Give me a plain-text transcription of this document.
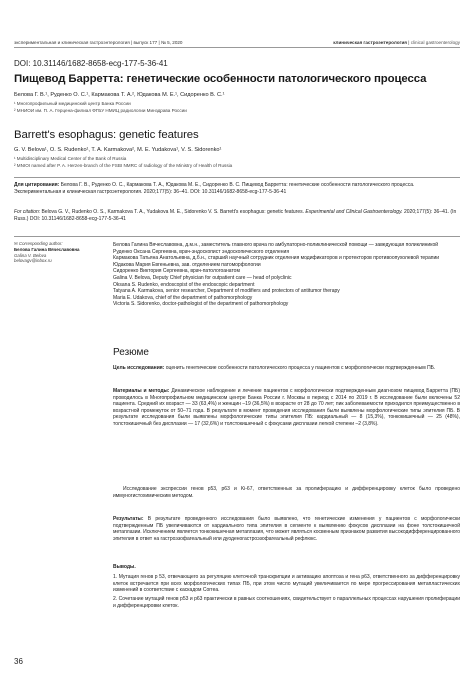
экспериментальная и клиническая гастроэнтерология | выпуск 177 | № 5, 2020	клиническая гастроэнтерология | clinical gastroenterology
DOI: 10.31146/1682-8658-ecg-177-5-36-41
Пищевод Барретта: генетические особенности патологического процесса
Белова Г. В.¹, Руденко О. С.¹, Кармакова Т. А.², Юдакова М. Е.¹, Сидоренко В. С.¹
¹ Многопрофильный медицинский центр Банка России
² МНИОИ им. П. А. Герцена-филиал ФГБУ НМИЦ радиологии Минздрава России
Barrett's esophagus: genetic features
G. V. Belova¹, O. S. Rudenko¹, T. A. Karmakova², M. E. Yudakova¹, V. S. Sidorenko¹
¹ Multidisciplinary Medical Center of the Bank of Russia
² MNIOI named after P. A. Herzen-branch of the FSBI NMRC of radiology of the Ministry of Health of Russia
Для цитирования: Белова Г. В., Руденко О. С., Кармакова Т. А., Юдакова М. Е., Сидоренко В. С. Пищевод Барретта: генетические особенности патологического процесса. Экспериментальная и клиническая гастроэнтерология. 2020;177(5): 36–41. DOI: 10.31146/1682-8658-ecg-177-5-36-41
For citation: Belova G. V., Rudenko O. S., Karmakova T. A., Yudakova M. E., Sidorenko V. S. Barrett's esophagus: genetic features. Experimental and Clinical Gastroenterology. 2020;177(5): 36–41. (In Russ.) DOI: 10.31146/1682-8658-ecg-177-5-36-41
✉ Corresponding author:
Белова Галина Вячеславовна
Galina V. Belova
belovagv@inbox.ru
Белова Галина Вячеславовна, д.м.н., заместитель главного врача по амбулаторно-поликлинической помощи — заведующая поликлиникой
Руденко Оксана Сергеевна, врач-эндоскопист эндоскопического отделения
Кармакова Татьяна Анатольевна, д.б.н., старший научный сотрудник отделения модификаторов и протекторов противоопухолевой терапии
Юдакова Мария Евгеньевна, зав. отделением патоморфологии
Сидоренко Виктория Сергеевна, врач-патологоанатом
Galina V. Belova, Deputy Chief physician for outpatient care — head of polyclinic
Oksana S. Rudenko, endoscopist of the endoscopic department
Tatyana A. Karmakova, senior researcher, Department of modifiers and protectors of antitumor therapy
Maria E. Udakova, chief of the department of pathomorphology
Victoria S. Sidorenko, doctor-pathologist of the department of pathomorphology
Резюме
Цель исследования: оценить генетические особенности патологического процесса у пациентов с морфологически подтвержденным ПБ.
Материалы и методы: Динамическое наблюдение и лечение пациентов с морфологически подтвержденным диагнозом пищевод Барретта (ПБ) проводилось в Многопрофильном медицинском центре Банка России г. Москвы в период с 2014 по 2019 г. В исследование были включены 52 пациента. Средний их возраст — 33 (63,4%) и женщин –19 (36,5%) в возрасте от 28 до 70 лет; пик заболеваемости приходился преимущественно в возрастной промежуток от 50–71 года. В результате в момент проведения исследования были выявлены морфологические типы эпителия ПБ. В результате исследования были выявлены морфологические типы эпителия ПБ: кардиальный — 8 (15,3%), тонкокишечный — 25 (48%), толстокишечный без дисплазии — 17 (32,6%) и толстокишечный с фокусами дисплазии легкой степени –2 (3,8%).
Исследование экспрессии генов p53, p63 и Ki-67, ответственных за пролиферацию и дифференцировку клеток было проведено иммуногистохимическим методом.
Результаты: В результате проведенного исследования было выявлено, что генетические изменения у пациентов с морфологически подтвержденным ПБ увеличиваются от кардиального типа эпителия в сегменте к выявлению фокусов дисплазии на фоне толстокишечной метаплазии. Исключением является тонкокишечная метаплазия, что может являться косвенным признаком развития высокодифференцированного эпителия в ответ на гастроэзофагеальный или дуоденогастроэзофагеальный рефлюкс.
Выводы.
1. Мутация генов p 53, отвечающего за регуляцию клеточной транскрипции и активацию апоптоза и гена p63, ответственного за дифференцировку клеток встречается при всех морфологических типах ПБ, при этом число мутаций увеличивается по мере прогрессирования метапластических изменений в соответствие с каскадом Correa.
2. Сочетание мутаций генов p53 и p63 практически в равных соотношениях, свидетельствует о параллельных процессах нарушения пролиферации и дифференцировки клеток.
36
